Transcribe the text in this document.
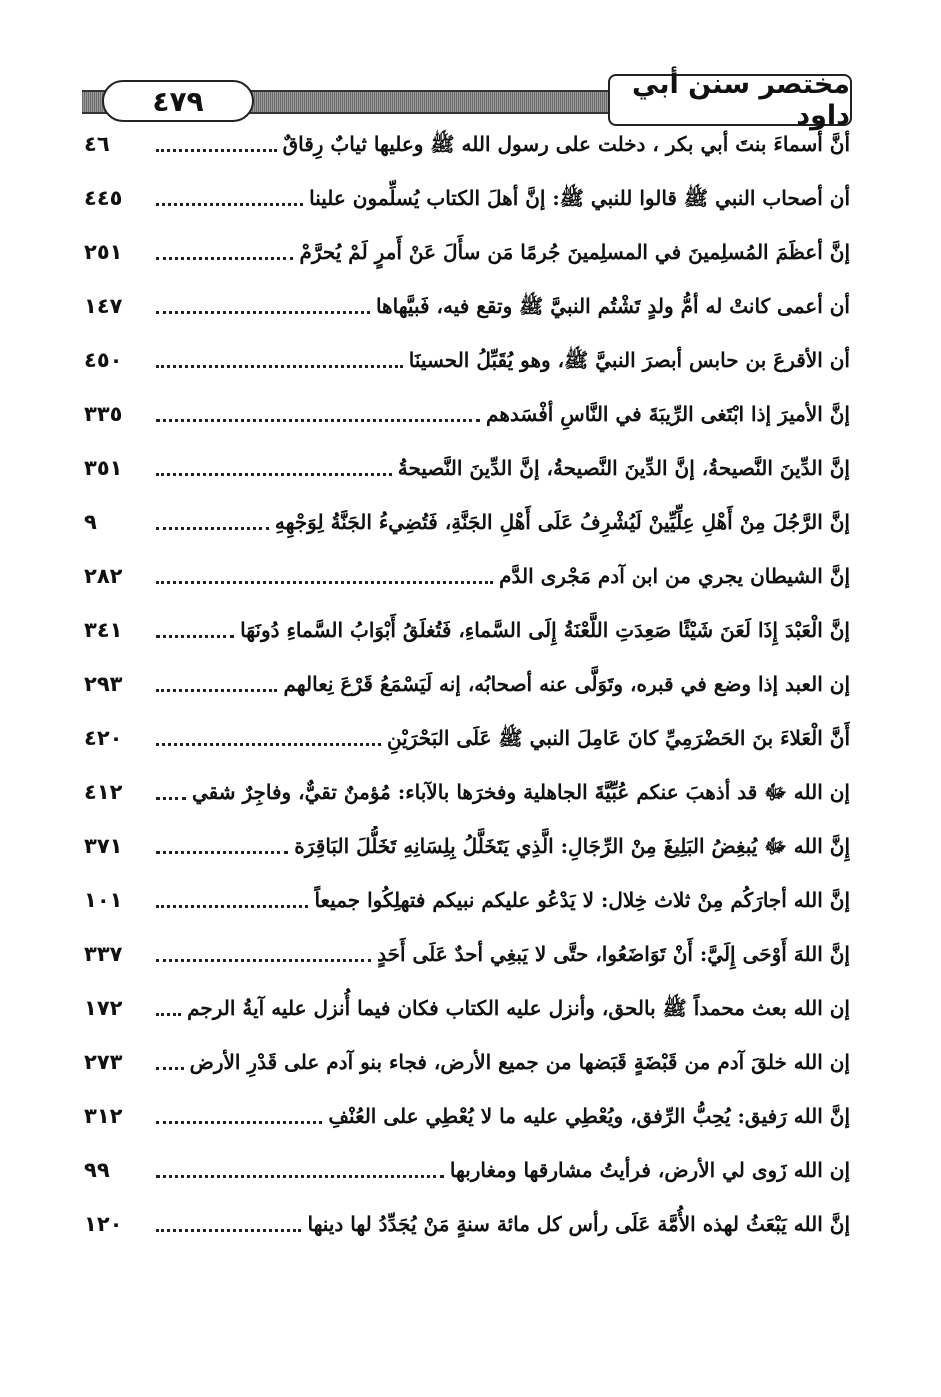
٤٧٩	مختصر سنن أبي داود
أنَّ أسماءَ بنتَ أبي بكر ، دخلت على رسول الله ﷺ وعليها ثيابٌ رِقاقٌ
٤٦
أن أصحاب النبي ﷺ قالوا للنبي ﷺ: إنَّ أهلَ الكتاب يُسلِّمون علينا
٤٤٥
إنَّ أعظَمَ المُسلِمينَ في المسلِمينَ جُرمًا مَن سأَلَ عَنْ أَمرٍ لَمْ يُحرَّمْ
٢٥١
أن أعمى كانتْ له أمُّ ولدٍ تَشْتُم النبيَّ ﷺ وتقع فيه، فَبيَّهاها
١٤٧
أن الأقرعَ بن حابس أبصرَ النبيَّ ﷺ، وهو يُقَبِّلُ الحسينَا
٤٥٠
إنَّ الأميرَ إذا ابْتَغى الرِّيبَةَ في النَّاسِ أفْسَدهم
٣٣٥
إنَّ الدِّينَ النَّصيحةُ، إنَّ الدِّينَ النَّصيحةُ، إنَّ الدِّينَ النَّصيحةُ
٣٥١
إنَّ الرَّجُلَ مِنْ أَهْلِ عِلِّيِّينْ لَيُشْرِفُ عَلَى أَهْلِ الجَنَّةِ، فَتُضِيءُ الجَنَّةُ لِوَجْهِهِ
٩
إنَّ الشيطان يجري من ابن آدم مَجْرى الدَّم
٢٨٢
إنَّ الْعَبْدَ إِذَا لَعَنَ شَيْئًا صَعِدَتِ اللَّعْنَةُ إِلَى السَّماءِ، فَتُغلَقُ أَبْوَابُ السَّماءِ دُونَهَا
٣٤١
إن العبد إذا وضع في قبره، وتَوَلَّى عنه أصحابُه، إنه لَيَسْمَعُ قَرْعَ نِعالهم
٢٩٣
أَنَّ الْعَلاءَ بنَ الحَضْرَمِيِّ كانَ عَامِلَ النبي ﷺ عَلَى البَحْرَيْنِ
٤٢٠
إن الله ﷻ قد أذهبَ عنكم عُبِّيَّةَ الجاهلية وفخرَها بالآباء: مُؤمنٌ تقيٌّ، وفاجِرٌ شقي
٤١٢
إِنَّ الله ﷻ يُبغِضُ البَلِيغَ مِنْ الرِّجَالِ: الَّذِي يَتَخَلَّلُ بِلِسَانِهِ تَخَلُّلَ البَاقِرَة
٣٧١
إنَّ الله أجارَكُم مِنْ ثلاث خِلال: لا يَدْعُو عليكم نبيكم فتهلِكُوا جميعاً
١٠١
إنَّ اللهَ أَوْحَى إِلَيَّ: أَنْ تَوَاضَعُوا، حتَّى لا يَبغِي أحدٌ عَلَى أَحَدٍ
٣٣٧
إن الله بعث محمداً ﷺ بالحق، وأنزل عليه الكتاب فكان فيما أُنزل عليه آيةُ الرجم
١٧٢
إن الله خلقَ آدم من قَبْضَةٍ قَبَضها من جميع الأرض، فجاء بنو آدم على قَدْرِ الأرض
٢٧٣
إنَّ الله رَفيق: يُحِبُّ الرِّفق، ويُعْطِي عليه ما لا يُعْطِي على العُنْفِ
٣١٢
إن الله زَوى لي الأرض، فرأيتُ مشارقها ومغاربها
٩٩
إنَّ الله يَبْعَثُ لهذه الأُمَّة عَلَى رأس كل مائة سنةٍ مَنْ يُجَدِّدُ لها دينها
١٢٠
